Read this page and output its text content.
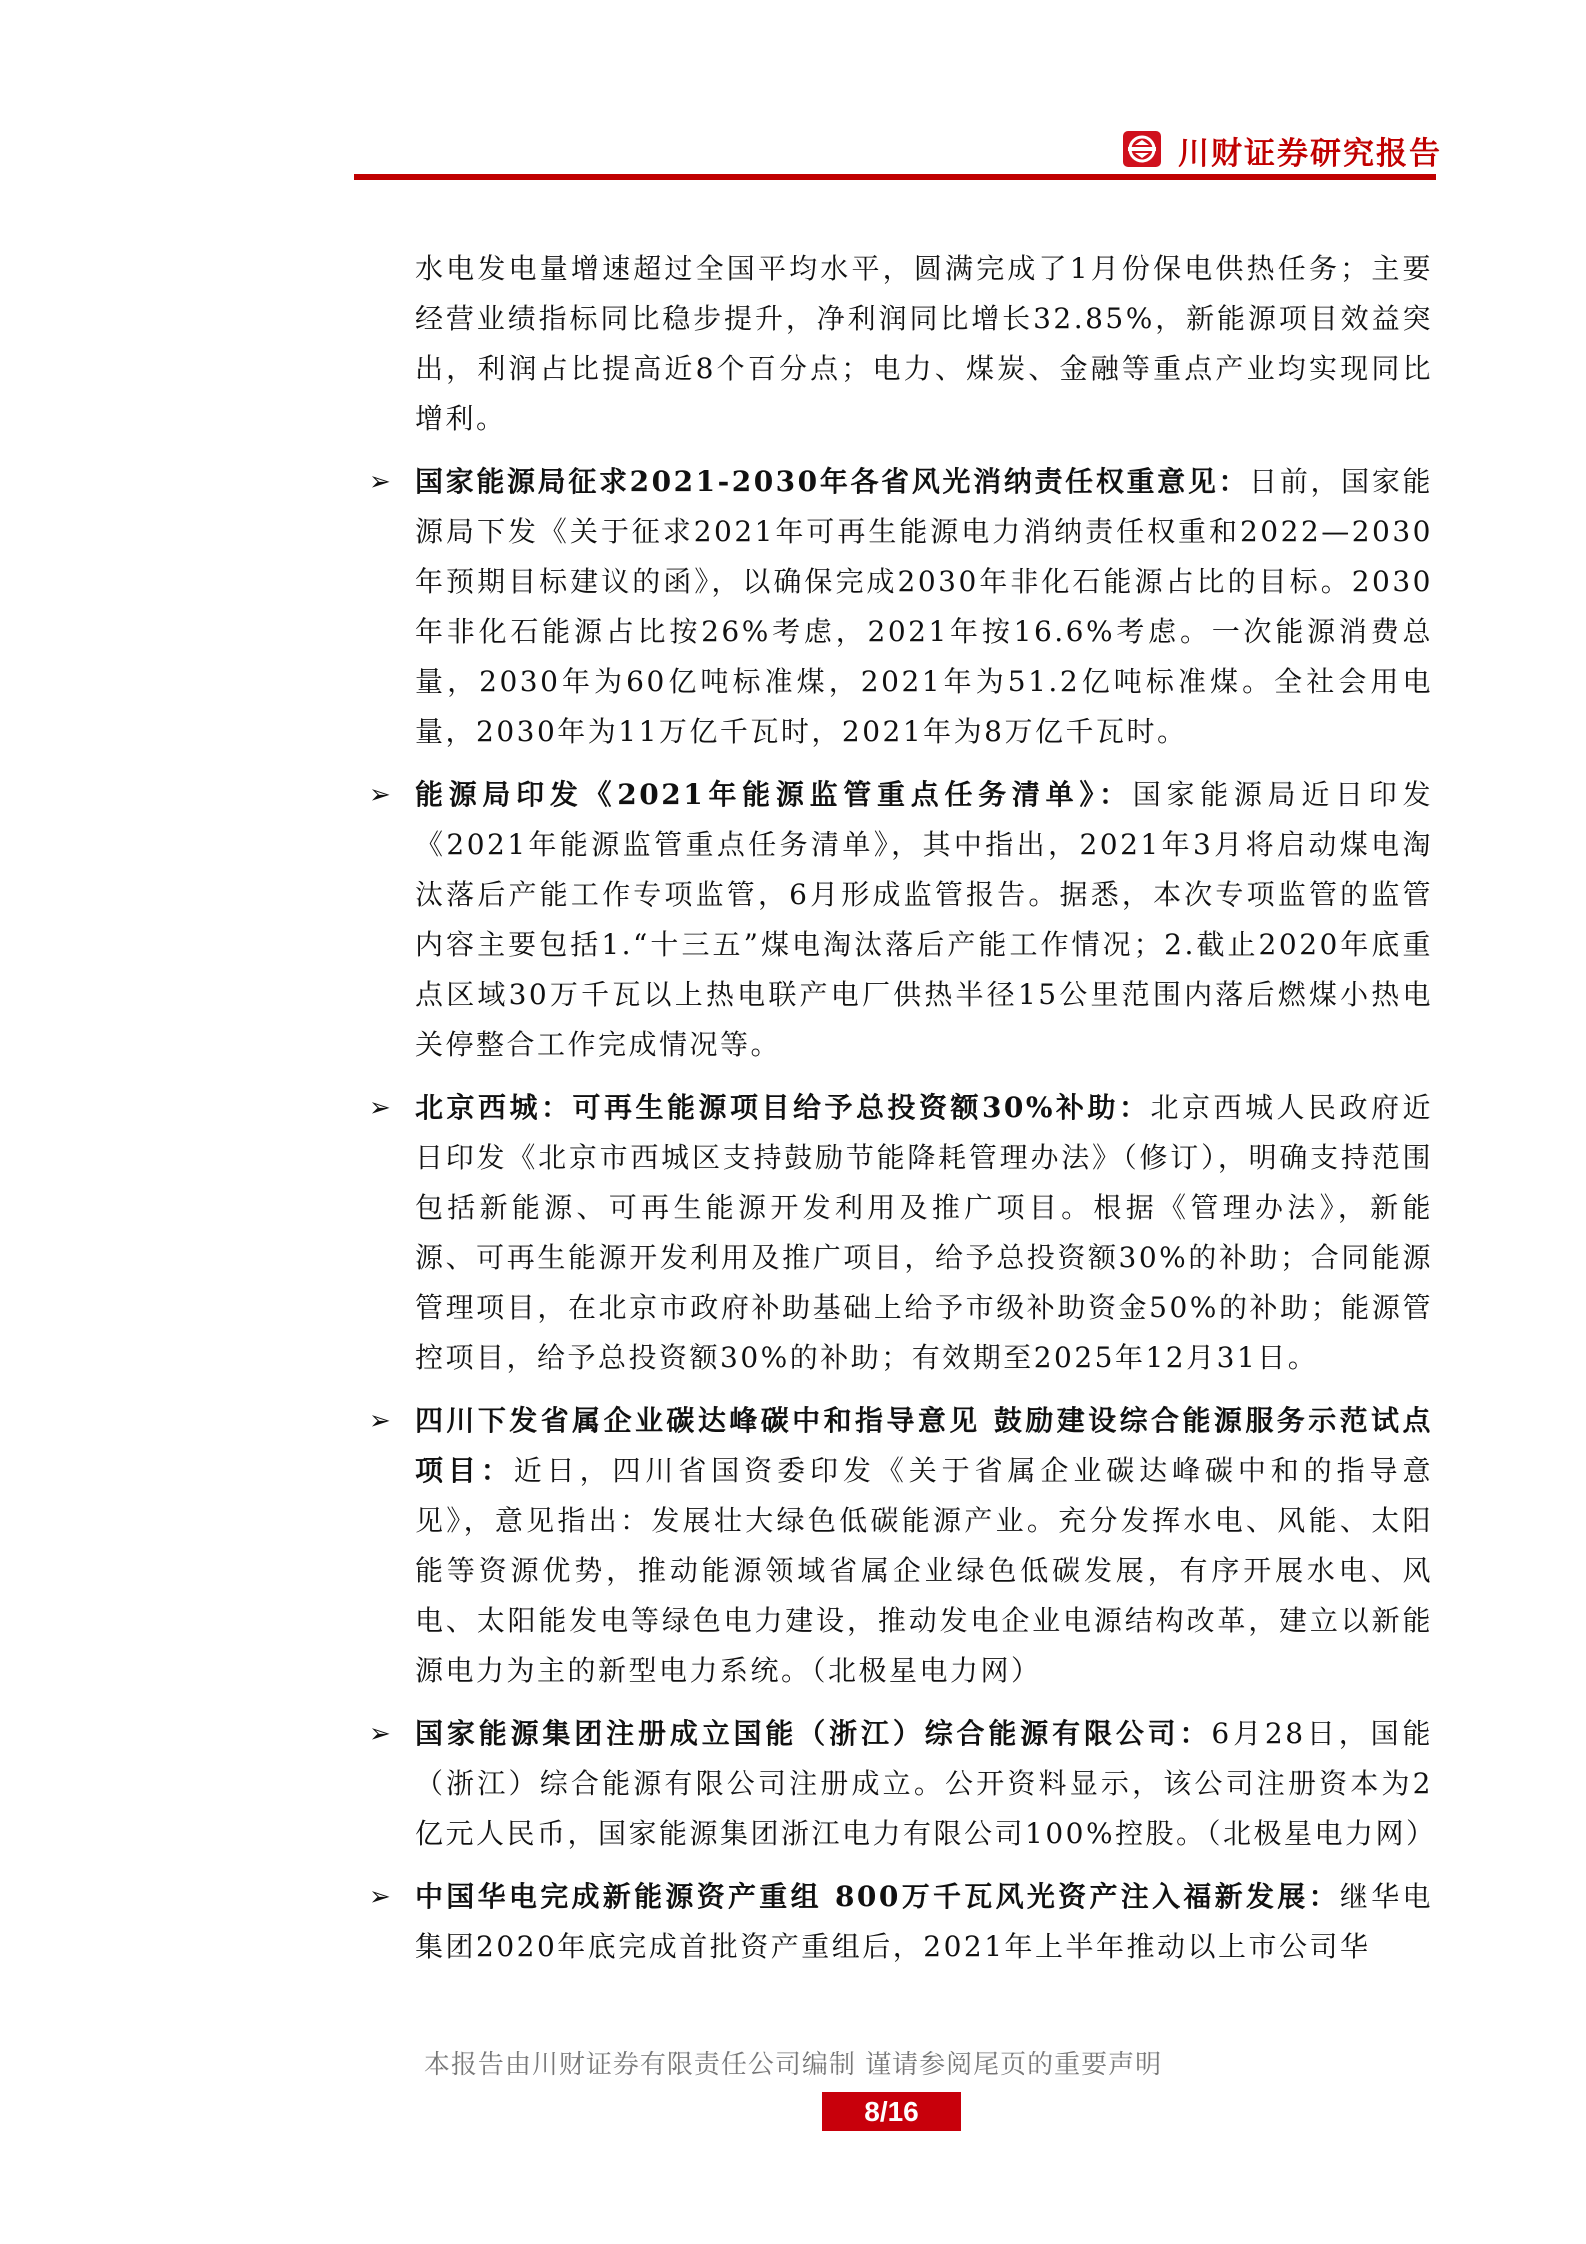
川财证券研究报告
水电发电量增速超过全国平均水平，圆满完成了1月份保电供热任务；主要经营业绩指标同比稳步提升，净利润同比增长32.85%，新能源项目效益突出，利润占比提高近8个百分点；电力、煤炭、金融等重点产业均实现同比增利。
➢ 国家能源局征求2021-2030年各省风光消纳责任权重意见：日前，国家能源局下发《关于征求2021年可再生能源电力消纳责任权重和2022—2030年预期目标建议的函》，以确保完成2030年非化石能源占比的目标。2030年非化石能源占比按26%考虑，2021年按16.6%考虑。一次能源消费总量，2030年为60亿吨标准煤，2021年为51.2亿吨标准煤。全社会用电量，2030年为11万亿千瓦时，2021年为8万亿千瓦时。
➢ 能源局印发《2021年能源监管重点任务清单》：国家能源局近日印发《2021年能源监管重点任务清单》，其中指出，2021年3月将启动煤电淘汰落后产能工作专项监管，6月形成监管报告。据悉，本次专项监管的监管内容主要包括1.“十三五”煤电淘汰落后产能工作情况；2.截止2020年底重点区域30万千瓦以上热电联产电厂供热半径15公里范围内落后燃煤小热电关停整合工作完成情况等。
➢ 北京西城：可再生能源项目给予总投资额30%补助：北京西城人民政府近日印发《北京市西城区支持鼓励节能降耗管理办法》（修订），明确支持范围包括新能源、可再生能源开发利用及推广项目。根据《管理办法》，新能源、可再生能源开发利用及推广项目，给予总投资额30%的补助；合同能源管理项目，在北京市政府补助基础上给予市级补助资金50%的补助；能源管控项目，给予总投资额30%的补助；有效期至2025年12月31日。
➢ 四川下发省属企业碳达峰碳中和指导意见 鼓励建设综合能源服务示范试点项目：近日，四川省国资委印发《关于省属企业碳达峰碳中和的指导意见》，意见指出：发展壮大绿色低碳能源产业。充分发挥水电、风能、太阳能等资源优势，推动能源领域省属企业绿色低碳发展，有序开展水电、风电、太阳能发电等绿色电力建设，推动发电企业电源结构改革，建立以新能源电力为主的新型电力系统。（北极星电力网）
➢ 国家能源集团注册成立国能（浙江）综合能源有限公司：6月28日，国能（浙江）综合能源有限公司注册成立。公开资料显示，该公司注册资本为2亿元人民币，国家能源集团浙江电力有限公司100%控股。（北极星电力网）
➢ 中国华电完成新能源资产重组 800万千瓦风光资产注入福新发展：继华电集团2020年底完成首批资产重组后，2021年上半年推动以上市公司华
本报告由川财证券有限责任公司编制 谨请参阅尾页的重要声明
8/16
